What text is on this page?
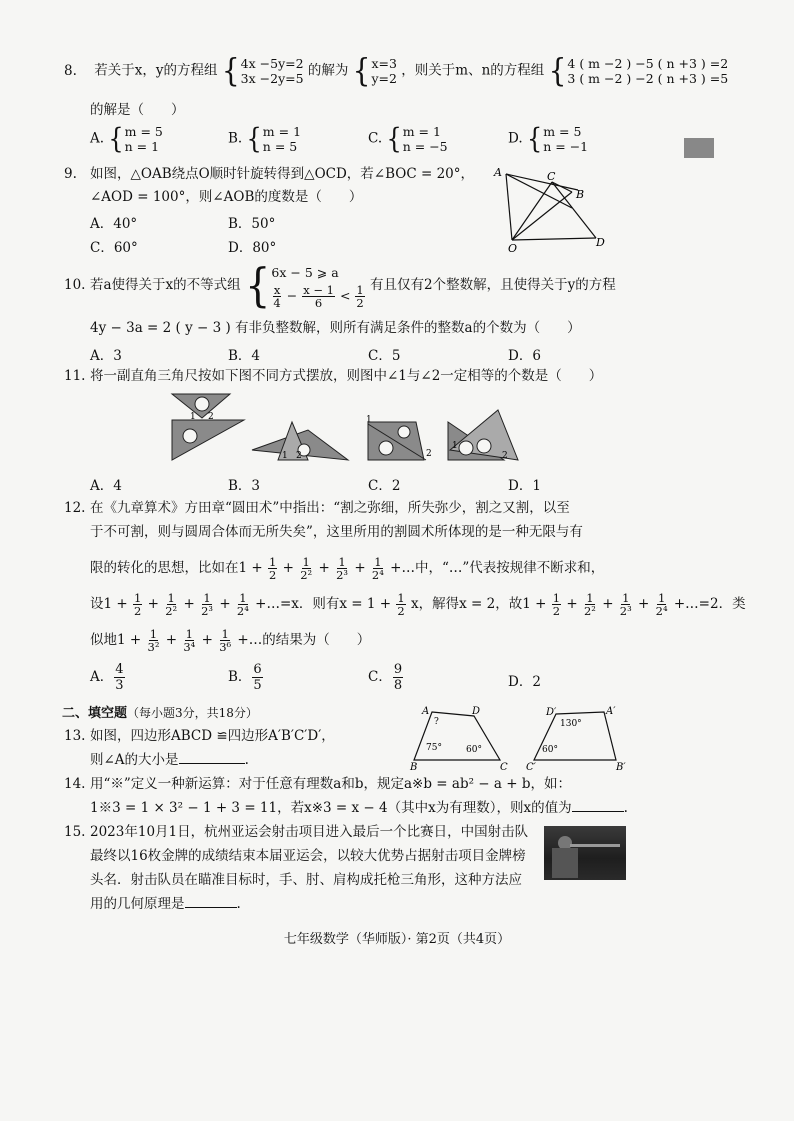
8. 若关于x，y的方程组 {4x −5y=2
3x −2y=5 的解为 {x=3
y=2 ，则关于m、n的方程组 {4 ( m −2 ) −5 ( n +3 ) =2
3 ( m −2 ) −2 ( n +3 ) =5
的解是（　　）
A. {m = 5
n = 1	B. {m = 1
n = 5	C. {m = 1
n = −5	D. {m = 5
n = −1
9. 如图，△OAB绕点O顺时针旋转得到△OCD，若∠BOC = 20°，
∠AOD = 100°，则∠AOB的度数是（　　）
A．40°	B．50°
C．60°	D．80°
A	C
B
O	D
10. 若a使得关于x的不等式组 {6x − 5 ⩾ a

$\frac{x}{4} - \frac{x - 1}{6} < \frac{1}{2}$ 有且仅有2个整数解，且使得关于y的方程
4y − 3a = 2 ( y − 3 ) 有非负整数解，则所有满足条件的整数a的个数为（　　）
A．3	B．4	C．5	D．6
11. 将一副直角三角尺按如下图不同方式摆放，则图中∠1与∠2一定相等的个数是（　　）
1 2
1 2
1
2
1
2
A．4	B．3	C．2	D．1
12. 在《九章算术》方田章“圆田术”中指出：“割之弥细，所失弥少，割之又割，以至
于不可割，则与圆周合体而无所失矣”，这里所用的割圆术所体现的是一种无限与有
限的转化的思想，比如在$1 + \frac{1}{2} + \frac{1}{\text{2²}} + \frac{1}{\text{2³}} + \frac{1}{\text{2⁴}}$ +…中，“…”代表按规律不断求和，
设$1 + \frac{1}{2} + \frac{1}{\text{2²}} + \frac{1}{\text{2³}} + \frac{1}{\text{2⁴}}$ +…=x．则有$x = 1 + \frac{1}{2}$ x，解得x = 2，故$1 + \frac{1}{2} + \frac{1}{\text{2²}} + \frac{1}{\text{2³}} + \frac{1}{\text{2⁴}}$ +…=2．类
似地$1 + \frac{1}{\text{3²}} + \frac{1}{\text{3⁴}} + \frac{1}{\text{3⁶}}$ +…的结果为（　　）
A． $\frac{4}{3}$	B． $\frac{6}{5}$	C． $\frac{9}{8}$	D．2
二、填空题（每小题3分，共18分）
13. 如图，四边形ABCD ≌四边形A′B′C′D′，
则∠A的大小是	.
A	D
B	C
?
75°	60°
D′	A′
C′	B′
130°
60°
14. 用“※”定义一种新运算：对于任意有理数a和b，规定a※b = ab² − a + b，如：
1※3 = 1 × 3² − 1 + 3 = 11，若x※3 = x − 4（其中x为有理数），则x的值为	.
15. 2023年10月1日，杭州亚运会射击项目进入最后一个比赛日，中国射击队
最终以16枚金牌的成绩结束本届亚运会，以较大优势占据射击项目金牌榜
头名．射击队员在瞄准目标时，手、肘、肩构成托枪三角形，这种方法应
用的几何原理是	.
七年级数学（华师版）· 第2页（共4页）
